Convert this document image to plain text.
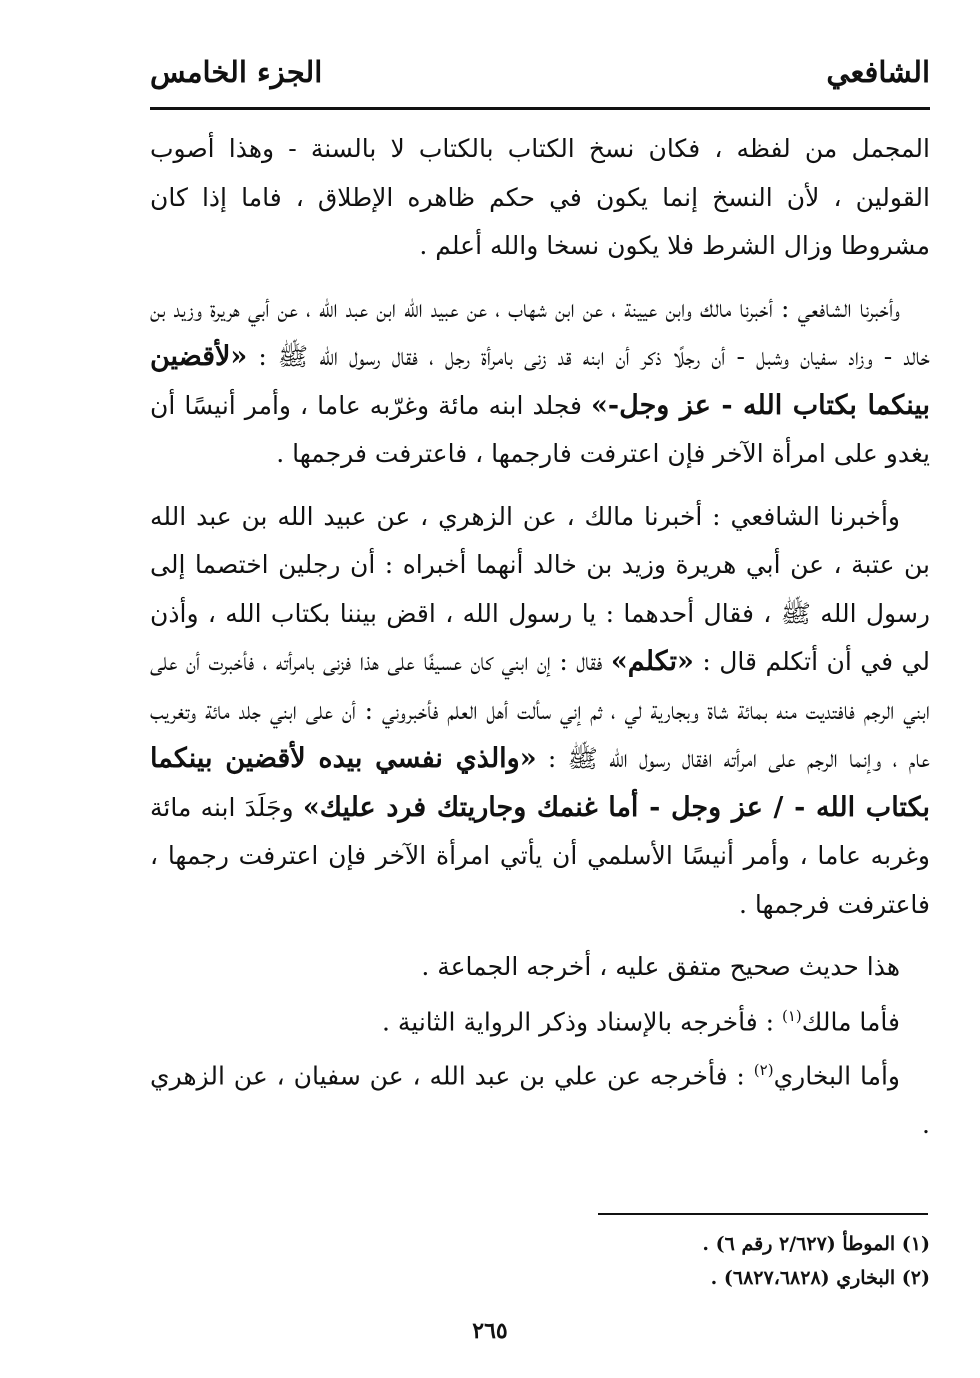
الشافعي
الجزء الخامس

المجمل من لفظه ، فكان نسخ الكتاب بالكتاب لا بالسنة - وهذا أصوب القولين ، لأن النسخ إنما يكون في حكم ظاهره الإطلاق ، فاما إذا كان مشروطا وزال الشرط فلا يكون نسخا والله أعلم .

وأخبرنا الشافعي : أخبرنا مالك وابن عيينة ، عن ابن شهاب ، عن عبيد الله ابن عبد الله ، عن أبي هريرة وزيد بن خالد - وزاد سفيان وشبل - أن رجلًا ذكر أن ابنه قد زنى بامرأة رجل ، فقال رسول الله ﷺ : «لأقضين بينكما بكتاب الله - عز وجل-» فجلد ابنه مائة وغرّبه عاما ، وأمر أنيسًا أن يغدو على امرأة الآخر فإن اعترفت فارجمها ، فاعترفت فرجمها .

وأخبرنا الشافعي : أخبرنا مالك ، عن الزهري ، عن عبيد الله بن عبد الله بن عتبة ، عن أبي هريرة وزيد بن خالد أنهما أخبراه : أن رجلين اختصما إلى رسول الله ﷺ ، فقال أحدهما : يا رسول الله ، اقض بيننا بكتاب الله ، وأذن لي في أن أتكلم قال : «تكلم» فقال : إن ابني كان عسيفًا على هذا فزنى بامرأته ، فأخبرت أن على ابني الرجم فافتديت منه بمائة شاة وبجارية لي ، ثم إني سألت أهل العلم فأخبروني : أن على ابني جلد مائة وتغريب عام ، وإنما الرجم على امرأته افقال رسول الله ﷺ : «والذي نفسي بيده لأقضين بينكما بكتاب الله - / عز وجل - أما غنمك وجاريتك فرد عليك» وجَلَدَ ابنه مائة وغربه عاما ، وأمر أنيسًا الأسلمي أن يأتي امرأة الآخر فإن اعترفت رجمها ، فاعترفت فرجمها .

هذا حديث صحيح متفق عليه ، أخرجه الجماعة .

فأما مالك$^{(١)}$ : فأخرجه بالإسناد وذكر الرواية الثانية .

وأما البخاري$^{(٢)}$ : فأخرجه عن علي بن عبد الله ، عن سفيان ، عن الزهري .

(١) الموطأ (٢/٦٢٧ رقم ٦) .

(٢) البخاري (٦٨٢٧،٦٨٢٨) .

٢٦٥
